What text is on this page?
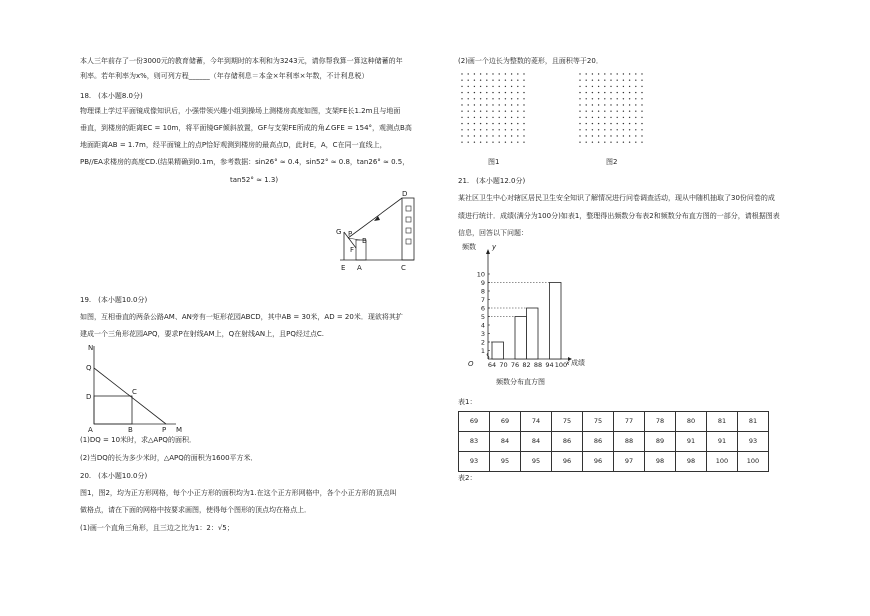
本人三年前存了一份3000元的教育储蓄，今年到期时的本利和为3243元，请你帮我算一算这种储蓄的年
利率。若年利率为x%，则可列方程______（年存储利息＝本金×年利率×年数，不计利息税）
18.　(本小题8.0分)
物理课上学过平面镜成像知识后，小强带领兴趣小组到操场上测楼房高度如图，支架FE长1.2m且与地面
垂直，到楼房的距离EC = 10m，将平面镜GF倾斜放置，GF与支架FE所成的角∠GFE = 154°，观测点B高
地面距离AB = 1.7m，经平面镜上的点P恰好观测到楼房的最高点D，此时E，A，C在同一直线上，
PB//EA求楼房的高度CD.(结果精确到0.1m，参考数据：sin26° ≈ 0.4，sin52° ≈ 0.8，tan26° ≈ 0.5，
tan52° ≈ 1.3)
D
G P
B
F
E A	C
19.　(本小题10.0分)
如图，互相垂直的两条公路AM、AN旁有一矩形花园ABCD，其中AB = 30米，AD = 20米．现欲将其扩
建成一个三角形花园APQ，要求P在射线AM上，Q在射线AN上，且PQ经过点C.
N
Q
D
C
A	B	P M
(1)DQ = 10米时，求△APQ的面积．
(2)当DQ的长为多少米时，△APQ的面积为1600平方米．
20.　(本小题10.0分)
图1，图2，均为正方形网格，每个小正方形的面积均为1.在这个正方形网格中，各个小正方形的顶点叫
做格点，请在下面的网格中按要求画图，使得每个图形的顶点均在格点上．
(1)画一个直角三角形，且三边之比为1：2：√5；
(2)画一个边长为整数的菱形，且面积等于20．
图1	图2
21.　(本小题12.0分)
某社区卫生中心对辖区居民卫生安全知识了解情况进行问卷调查活动，现从中随机抽取了30份问卷的成
绩进行统计．成绩(满分为100分)如表1，整理得出频数分布表2和频数分布直方图的一部分，请根据图表
信息，回答以下问题：
1
2
3
4
5
6
7
8
9
10
64 70 76 82 88 94 100
频数 y
x 成绩
O
频数分布直方图
表1：
69	69	74	75	75	77	78	80	81	81
83	84	84	86	86	88	89	91	91	93
93	95	95	96	96	97	98	98	100	100
表2：
